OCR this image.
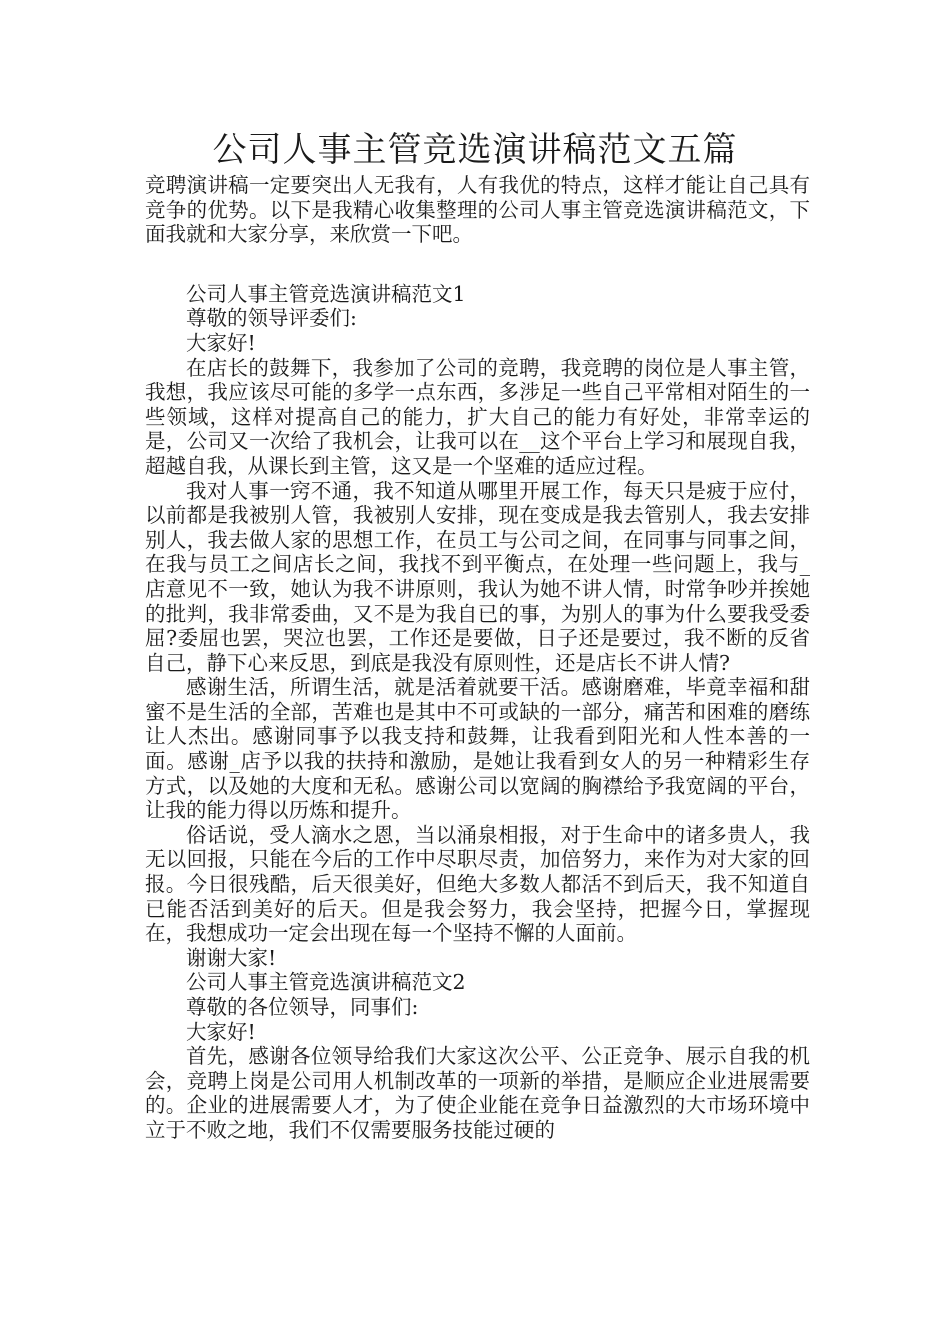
公司人事主管竞选演讲稿范文五篇

竞聘演讲稿一定要突出人无我有，人有我优的特点，这样才能让自己具有竞争的优势。以下是我精心收集整理的公司人事主管竞选演讲稿范文，下面我就和大家分享，来欣赏一下吧。

公司人事主管竞选演讲稿范文1

尊敬的领导评委们:

大家好!

在店长的鼓舞下，我参加了公司的竞聘，我竞聘的岗位是人事主管，我想，我应该尽可能的多学一点东西，多涉足一些自己平常相对陌生的一些领域，这样对提高自己的能力，扩大自己的能力有好处，非常幸运的是，公司又一次给了我机会，让我可以在__这个平台上学习和展现自我，超越自我，从课长到主管，这又是一个坚难的适应过程。

我对人事一窍不通，我不知道从哪里开展工作，每天只是疲于应付，以前都是我被别人管，我被别人安排，现在变成是我去管别人，我去安排别人，我去做人家的思想工作，在员工与公司之间，在同事与同事之间，在我与员工之间店长之间，我找不到平衡点，在处理一些问题上，我与_店意见不一致，她认为我不讲原则，我认为她不讲人情，时常争吵并挨她的批判，我非常委曲，又不是为我自已的事，为别人的事为什么要我受委屈?委屈也罢，哭泣也罢，工作还是要做，日子还是要过，我不断的反省自己，静下心来反思，到底是我没有原则性，还是店长不讲人情?

感谢生活，所谓生活，就是活着就要干活。感谢磨难，毕竟幸福和甜蜜不是生活的全部，苦难也是其中不可或缺的一部分，痛苦和困难的磨练让人杰出。感谢同事予以我支持和鼓舞，让我看到阳光和人性本善的一面。感谢_店予以我的扶持和激励，是她让我看到女人的另一种精彩生存方式，以及她的大度和无私。感谢公司以宽阔的胸襟给予我宽阔的平台，让我的能力得以历炼和提升。

俗话说，受人滴水之恩，当以涌泉相报，对于生命中的诸多贵人，我无以回报，只能在今后的工作中尽职尽责，加倍努力，来作为对大家的回报。今日很残酷，后天很美好，但绝大多数人都活不到后天，我不知道自已能否活到美好的后天。但是我会努力，我会坚持，把握今日，掌握现在，我想成功一定会出现在每一个坚持不懈的人面前。

谢谢大家!

公司人事主管竞选演讲稿范文2

尊敬的各位领导，同事们:

大家好!

首先，感谢各位领导给我们大家这次公平、公正竞争、展示自我的机会，竞聘上岗是公司用人机制改革的一项新的举措，是顺应企业进展需要的。企业的进展需要人才，为了使企业能在竞争日益激烈的大市场环境中立于不败之地，我们不仅需要服务技能过硬的
